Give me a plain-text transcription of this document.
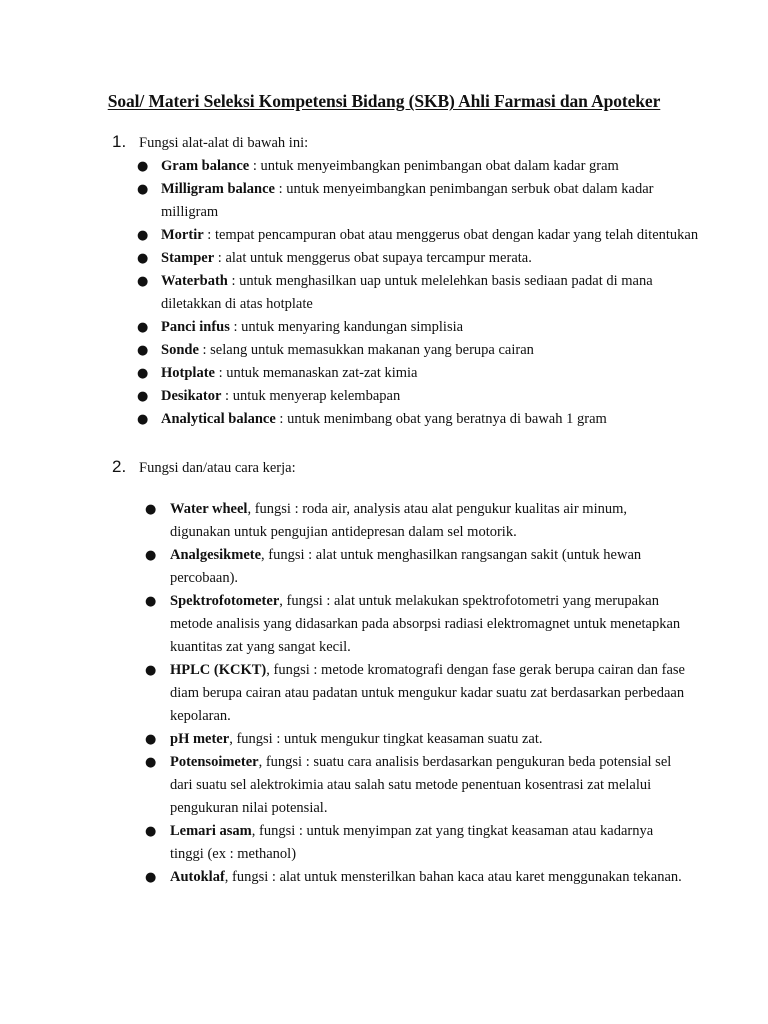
Soal/ Materi Seleksi Kompetensi Bidang (SKB) Ahli Farmasi dan Apoteker
1. Fungsi alat-alat di bawah ini:
● Gram balance : untuk menyeimbangkan penimbangan obat dalam kadar gram
● Milligram balance : untuk menyeimbangkan penimbangan serbuk obat dalam kadar milligram
● Mortir : tempat pencampuran obat atau menggerus obat dengan kadar yang telah ditentukan
● Stamper : alat untuk menggerus obat supaya tercampur merata.
● Waterbath : untuk menghasilkan uap untuk melelehkan basis sediaan padat di mana diletakkan di atas hotplate
● Panci infus : untuk menyaring kandungan simplisia
● Sonde : selang untuk memasukkan makanan yang berupa cairan
● Hotplate : untuk memanaskan zat-zat kimia
● Desikator : untuk menyerap kelembapan
● Analytical balance : untuk menimbang obat yang beratnya di bawah 1 gram
2. Fungsi dan/atau cara kerja:
● Water wheel, fungsi : roda air, analysis atau alat pengukur kualitas air minum, digunakan untuk pengujian antidepresan dalam sel motorik.
● Analgesikmete, fungsi : alat untuk menghasilkan rangsangan sakit (untuk hewan percobaan).
● Spektrofotometer, fungsi : alat untuk melakukan spektrofotometri yang merupakan metode analisis yang didasarkan pada absorpsi radiasi elektromagnet untuk menetapkan kuantitas zat yang sangat kecil.
● HPLC (KCKT), fungsi : metode kromatografi dengan fase gerak berupa cairan dan fase diam berupa cairan atau padatan untuk mengukur kadar suatu zat berdasarkan perbedaan kepolaran.
● pH meter, fungsi : untuk mengukur tingkat keasaman suatu zat.
● Potensoimeter, fungsi : suatu cara analisis berdasarkan pengukuran beda potensial sel dari suatu sel alektrokimia atau salah satu metode penentuan kosentrasi zat melalui pengukuran nilai potensial.
● Lemari asam, fungsi : untuk menyimpan zat yang tingkat keasaman atau kadarnya tinggi (ex : methanol)
● Autoklaf, fungsi : alat untuk mensterilkan bahan kaca atau karet menggunakan tekanan.
